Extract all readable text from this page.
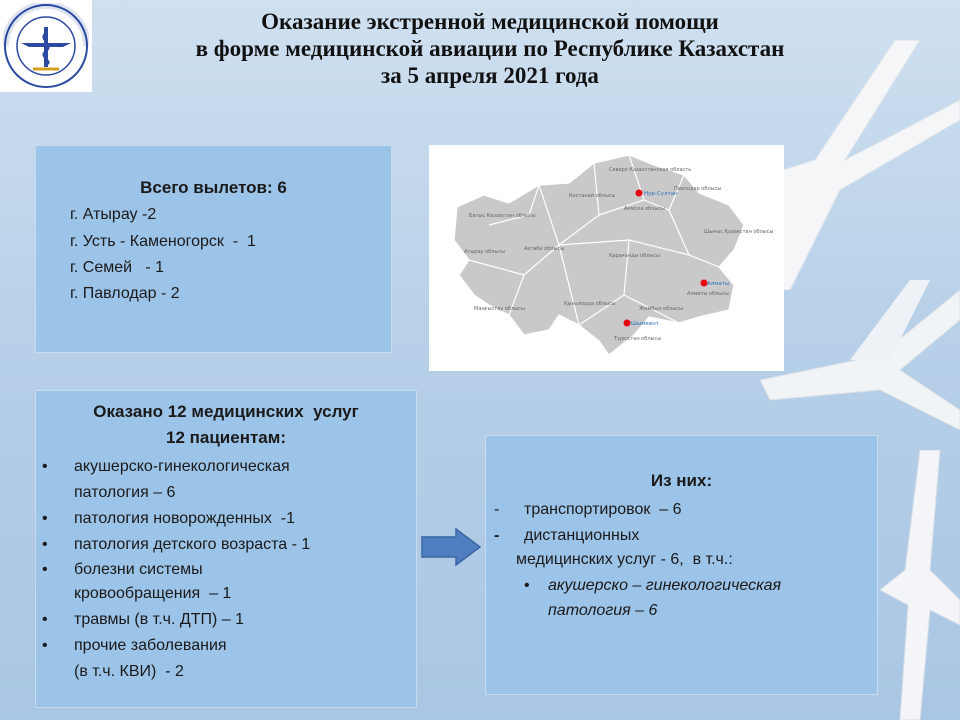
Оказание экстренной медицинской помощи
в форме медицинской авиации по Республике Казахстан
за 5 апреля 2021 года
Всего вылетов: 6
г. Атырау -2
г. Усть - Каменогорск  -  1
г. Семей   - 1
г. Павлодар - 2
Северо Казахстанская область
Костанай облысы
Павлодар облысы
Акмола облысы
Батыс Казахстан облысы
Ақтөбе облысы
Шығыс Қазақстан облысы
Атырау облысы
Қарағанды облысы
Маңғыстау облысы
Қызылорда облысы
Жамбыл облысы
Алматы облысы
Түркістан облысы
Нур-Султан
Алматы
Шымкент
Оказано 12 медицинских  услуг
12 пациентам:
• акушерско-гинекологическая
патология – 6
• патология новорожденных  -1
• патология детского возраста - 1
• болезни системы
кровообращения  – 1
• травмы (в т.ч. ДТП) – 1
• прочие заболевания
(в т.ч. КВИ)  - 2
Из них:
- транспортировок  – 6
- дистанционных
медицинских услуг - 6,  в т.ч.:
• акушерско – гинекологическая
патология – 6
